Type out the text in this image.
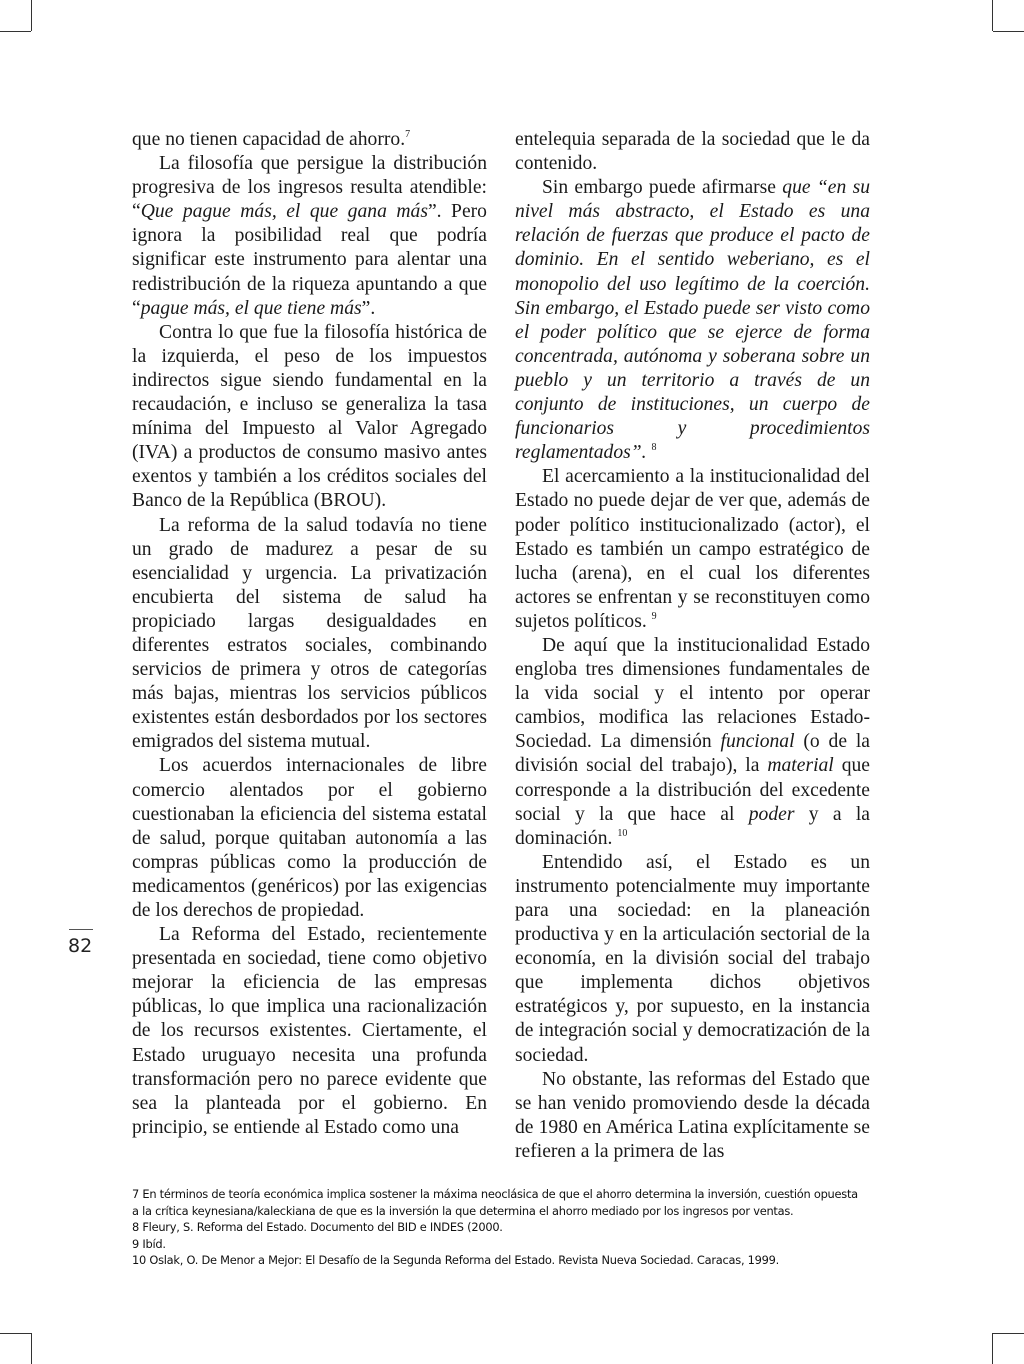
que no tienen capacidad de ahorro.$^7$

La filosofía que persigue la distribución progresiva de los ingresos resulta atendible: “Que pague más, el que gana más”. Pero ignora la posibilidad real que podría significar este instrumento para alentar una redistribución de la riqueza apuntando a que “pague más, el que tiene más”.

Contra lo que fue la filosofía histórica de la izquierda, el peso de los impuestos indirectos sigue siendo fundamental en la recaudación, e incluso se generaliza la tasa mínima del Impuesto al Valor Agregado (IVA) a productos de consumo masivo antes exentos y también a los créditos sociales del Banco de la República (BROU).

La reforma de la salud todavía no tiene un grado de madurez a pesar de su esencialidad y urgencia. La privatización encubierta del sistema de salud ha propiciado largas desigualdades en diferentes estratos sociales, combinando servicios de primera y otros de categorías más bajas, mientras los servicios públicos existentes están desbordados por los sectores emigrados del sistema mutual.

Los acuerdos internacionales de libre comercio alentados por el gobierno cuestionaban la eficiencia del sistema estatal de salud, porque quitaban autonomía a las compras públicas como la producción de medicamentos (genéricos) por las exigencias de los derechos de propiedad.

La Reforma del Estado, recientemente presentada en sociedad, tiene como objetivo mejorar la eficiencia de las empresas públicas, lo que implica una racionalización de los recursos existentes. Ciertamente, el Estado uruguayo necesita una profunda transformación pero no parece evidente que sea la planteada por el gobierno. En principio, se entiende al Estado como una

entelequia separada de la sociedad que le da contenido.

Sin embargo puede afirmarse que “en su nivel más abstracto, el Estado es una relación de fuerzas que produce el pacto de dominio. En el sentido weberiano, es el monopolio del uso legítimo de la coerción. Sin embargo, el Estado puede ser visto como el poder político que se ejerce de forma concentrada, autónoma y soberana sobre un pueblo y un territorio a través de un conjunto de instituciones, un cuerpo de funcionarios y procedimientos reglamentados”. $^8$

El acercamiento a la institucionalidad del Estado no puede dejar de ver que, además de poder político institucionalizado (actor), el Estado es también un campo estratégico de lucha (arena), en el cual los diferentes actores se enfrentan y se reconstituyen como sujetos políticos. $^9$

De aquí que la institucionalidad Estado engloba tres dimensiones fundamentales de la vida social y el intento por operar cambios, modifica las relaciones Estado-Sociedad. La dimensión funcional (o de la división social del trabajo), la material que corresponde a la distribución del excedente social y la que hace al poder y a la dominación. $^{10}$

Entendido así, el Estado es un instrumento potencialmente muy importante para una sociedad: en la planeación productiva y en la articulación sectorial de la economía, en la división social del trabajo que implementa dichos objetivos estratégicos y, por supuesto, en la instancia de integración social y democratización de la sociedad.

No obstante, las reformas del Estado que se han venido promoviendo desde la década de 1980 en América Latina explícitamente se refieren a la primera de las

82
7 En términos de teoría económica implica sostener la máxima neoclásica de que el ahorro determina la inversión, cuestión opuesta
a la crítica keynesiana/kaleckiana de que es la inversión la que determina el ahorro mediado por los ingresos por ventas.
8 Fleury, S. Reforma del Estado. Documento del BID e INDES (2000.
9 Ibíd.
10 Oslak, O. De Menor a Mejor: El Desafío de la Segunda Reforma del Estado. Revista Nueva Sociedad. Caracas, 1999.
